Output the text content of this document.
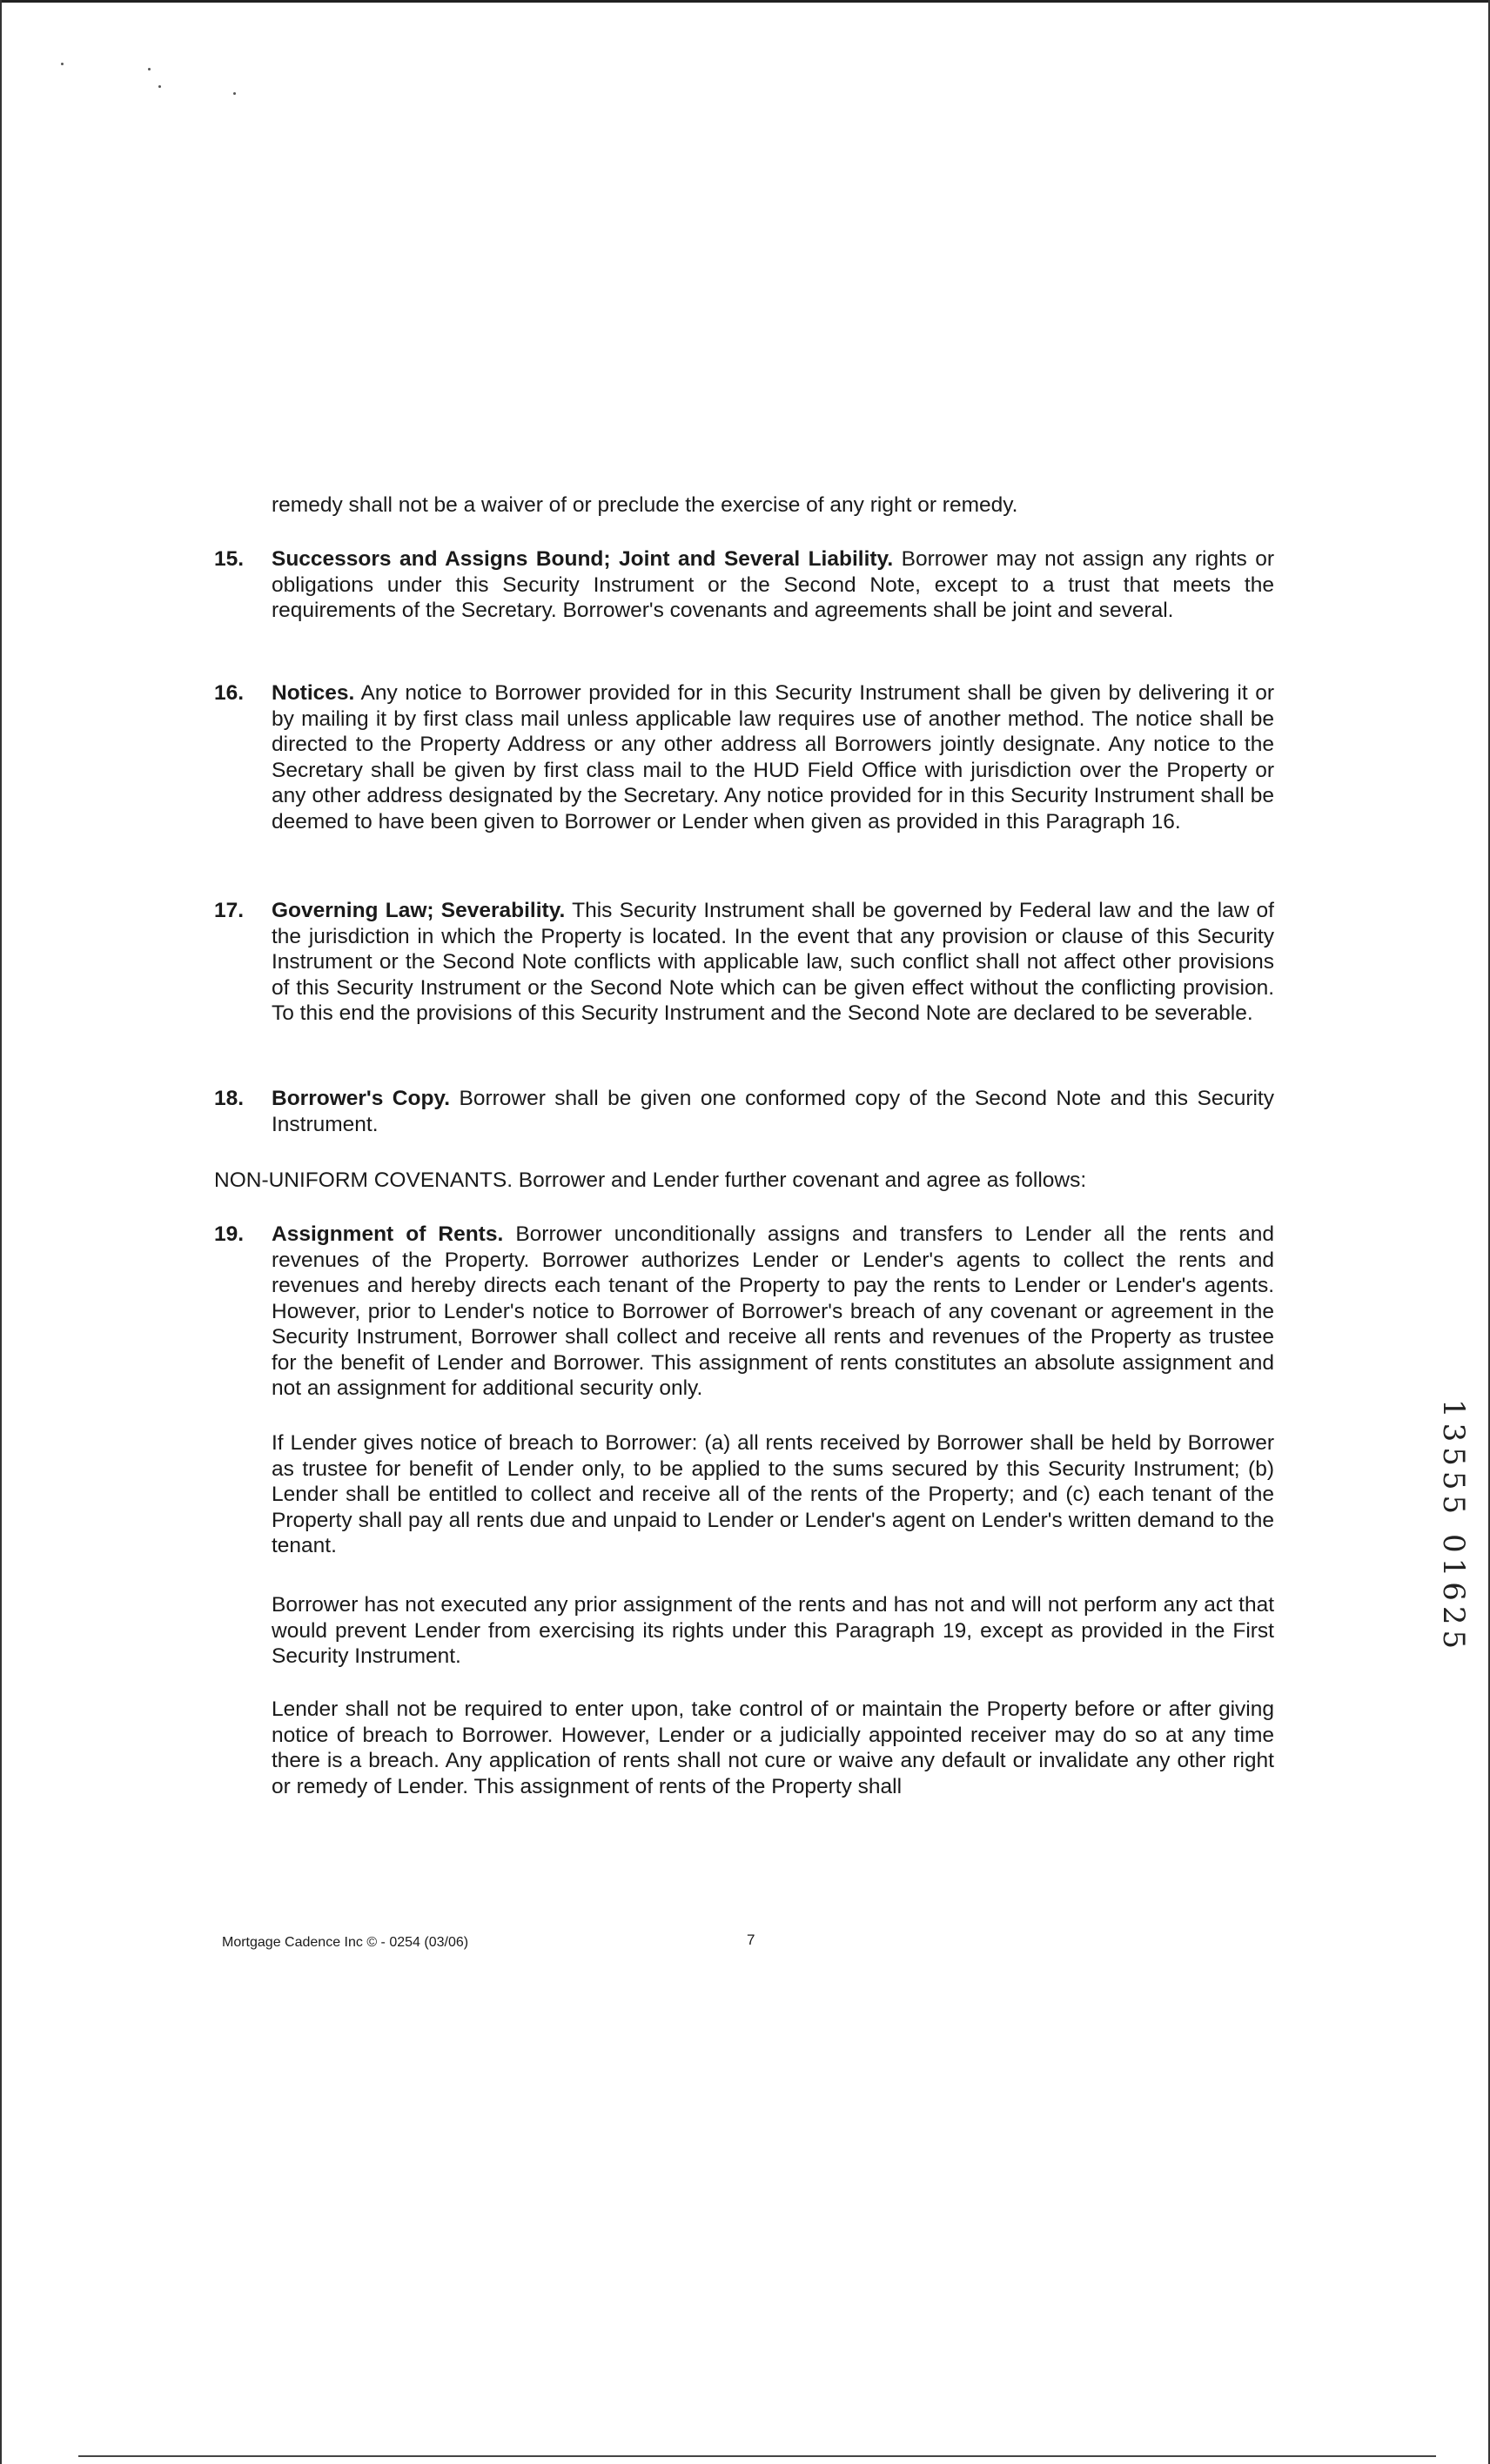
remedy shall not be a waiver of or preclude the exercise of any right or remedy.
15. Successors and Assigns Bound; Joint and Several Liability. Borrower may not assign any rights or obligations under this Security Instrument or the Second Note, except to a trust that meets the requirements of the Secretary. Borrower's covenants and agreements shall be joint and several.
16. Notices. Any notice to Borrower provided for in this Security Instrument shall be given by delivering it or by mailing it by first class mail unless applicable law requires use of another method. The notice shall be directed to the Property Address or any other address all Borrowers jointly designate. Any notice to the Secretary shall be given by first class mail to the HUD Field Office with jurisdiction over the Property or any other address designated by the Secretary. Any notice provided for in this Security Instrument shall be deemed to have been given to Borrower or Lender when given as provided in this Paragraph 16.
17. Governing Law; Severability. This Security Instrument shall be governed by Federal law and the law of the jurisdiction in which the Property is located. In the event that any provision or clause of this Security Instrument or the Second Note conflicts with applicable law, such conflict shall not affect other provisions of this Security Instrument or the Second Note which can be given effect without the conflicting provision. To this end the provisions of this Security Instrument and the Second Note are declared to be severable.
18. Borrower's Copy. Borrower shall be given one conformed copy of the Second Note and this Security Instrument.
NON-UNIFORM COVENANTS. Borrower and Lender further covenant and agree as follows:
19. Assignment of Rents. Borrower unconditionally assigns and transfers to Lender all the rents and revenues of the Property. Borrower authorizes Lender or Lender's agents to collect the rents and revenues and hereby directs each tenant of the Property to pay the rents to Lender or Lender's agents. However, prior to Lender's notice to Borrower of Borrower's breach of any covenant or agreement in the Security Instrument, Borrower shall collect and receive all rents and revenues of the Property as trustee for the benefit of Lender and Borrower. This assignment of rents constitutes an absolute assignment and not an assignment for additional security only.
If Lender gives notice of breach to Borrower: (a) all rents received by Borrower shall be held by Borrower as trustee for benefit of Lender only, to be applied to the sums secured by this Security Instrument; (b) Lender shall be entitled to collect and receive all of the rents of the Property; and (c) each tenant of the Property shall pay all rents due and unpaid to Lender or Lender's agent on Lender's written demand to the tenant.
Borrower has not executed any prior assignment of the rents and has not and will not perform any act that would prevent Lender from exercising its rights under this Paragraph 19, except as provided in the First Security Instrument.
Lender shall not be required to enter upon, take control of or maintain the Property before or after giving notice of breach to Borrower. However, Lender or a judicially appointed receiver may do so at any time there is a breach. Any application of rents shall not cure or waive any default or invalidate any other right or remedy of Lender. This assignment of rents of the Property shall
13555 01625
Mortgage Cadence Inc © - 0254 (03/06)	7
